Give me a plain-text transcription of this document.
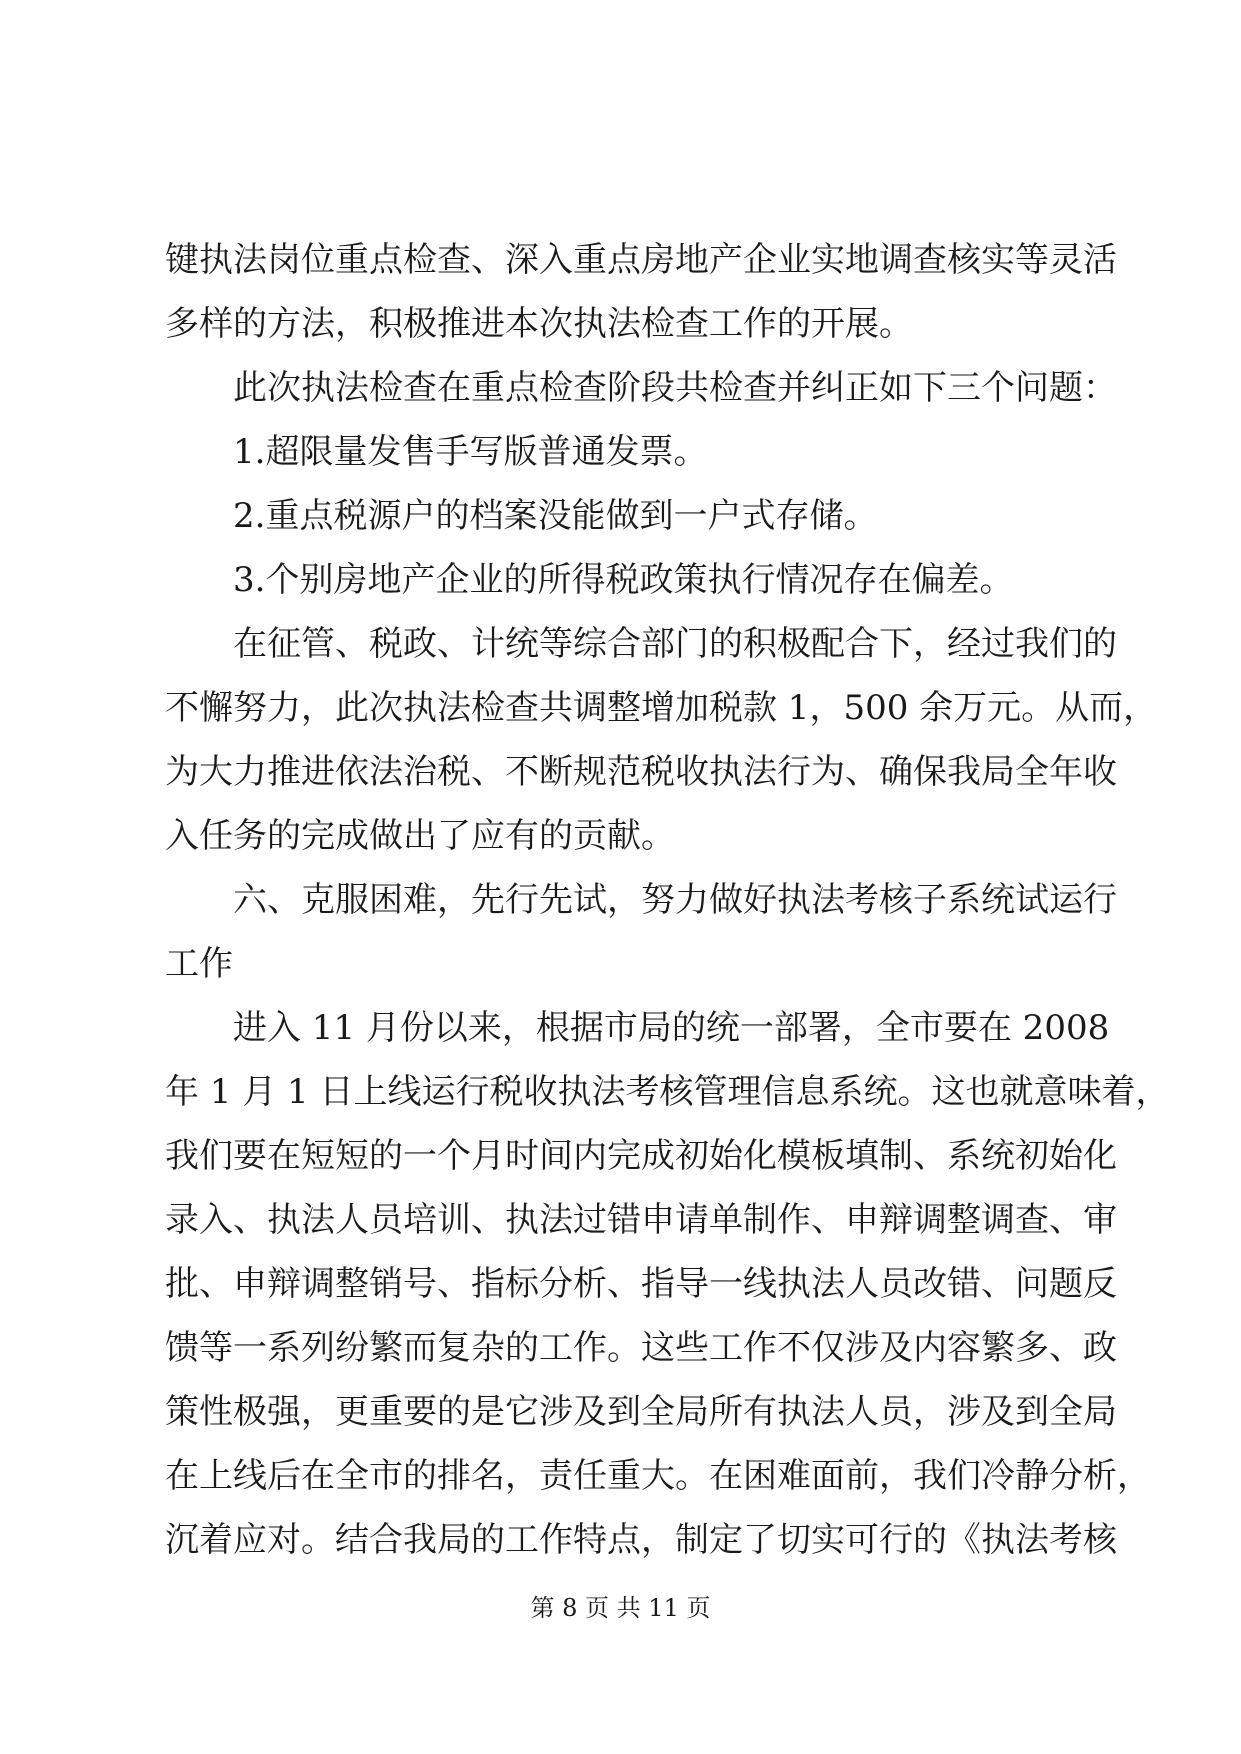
键执法岗位重点检查、深入重点房地产企业实地调查核实等灵活
多样的方法，积极推进本次执法检查工作的开展。
此次执法检查在重点检查阶段共检查并纠正如下三个问题：
1.超限量发售手写版普通发票。
2.重点税源户的档案没能做到一户式存储。
3.个别房地产企业的所得税政策执行情况存在偏差。
在征管、税政、计统等综合部门的积极配合下，经过我们的
不懈努力，此次执法检查共调整增加税款 1，500 余万元。从而，
为大力推进依法治税、不断规范税收执法行为、确保我局全年收
入任务的完成做出了应有的贡献。
六、克服困难，先行先试，努力做好执法考核子系统试运行
工作
进入 11 月份以来，根据市局的统一部署，全市要在 2008
年 1 月 1 日上线运行税收执法考核管理信息系统。这也就意味着，
我们要在短短的一个月时间内完成初始化模板填制、系统初始化
录入、执法人员培训、执法过错申请单制作、申辩调整调查、审
批、申辩调整销号、指标分析、指导一线执法人员改错、问题反
馈等一系列纷繁而复杂的工作。这些工作不仅涉及内容繁多、政
策性极强，更重要的是它涉及到全局所有执法人员，涉及到全局
在上线后在全市的排名，责任重大。在困难面前，我们冷静分析，
沉着应对。结合我局的工作特点，制定了切实可行的《执法考核
第 8 页 共 11 页
